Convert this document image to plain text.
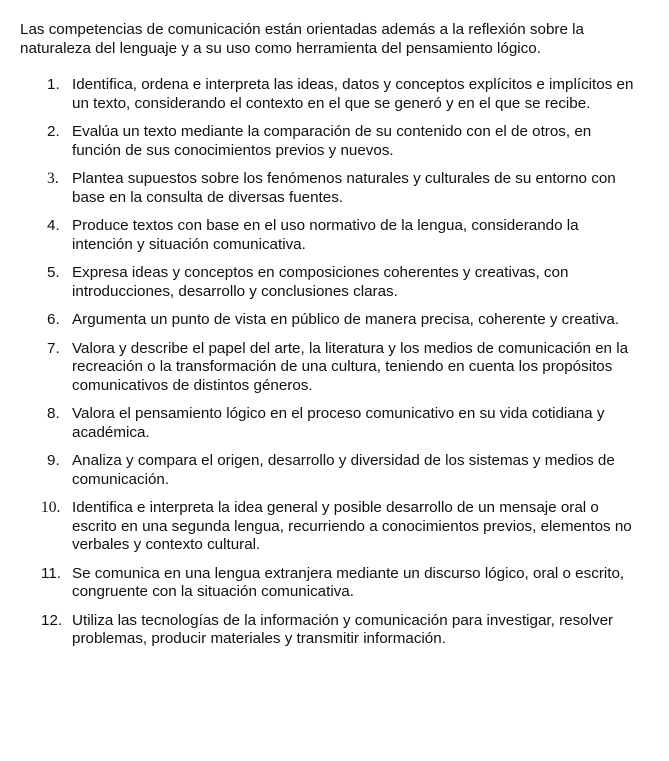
Las competencias de comunicación están orientadas además a la reflexión sobre la naturaleza del lenguaje y a su uso como herramienta del pensamiento lógico.

1. Identifica, ordena e interpreta las ideas, datos y conceptos explícitos e implícitos en un texto, considerando el contexto en el que se generó y en el que se recibe.
2. Evalúa un texto mediante la comparación de su contenido con el de otros, en función de sus conocimientos previos y nuevos.
3. Plantea supuestos sobre los fenómenos naturales y culturales de su entorno con base en la consulta de diversas fuentes.
4. Produce textos con base en el uso normativo de la lengua, considerando la intención y situación comunicativa.
5. Expresa ideas y conceptos en composiciones coherentes y creativas, con introducciones, desarrollo y conclusiones claras.
6. Argumenta un punto de vista en público de manera precisa, coherente y creativa.
7. Valora y describe el papel del arte, la literatura y los medios de comunicación en la recreación o la transformación de una cultura, teniendo en cuenta los propósitos comunicativos de distintos géneros.
8. Valora el pensamiento lógico en el proceso comunicativo en su vida cotidiana y académica.
9. Analiza y compara el origen, desarrollo y diversidad de los sistemas y medios de comunicación.
10. Identifica e interpreta la idea general y posible desarrollo de un mensaje oral o escrito en una segunda lengua, recurriendo a conocimientos previos, elementos no verbales y contexto cultural.
11. Se comunica en una lengua extranjera mediante un discurso lógico, oral o escrito, congruente con la situación comunicativa.
12. Utiliza las tecnologías de la información y comunicación para investigar, resolver problemas, producir materiales y transmitir información.
